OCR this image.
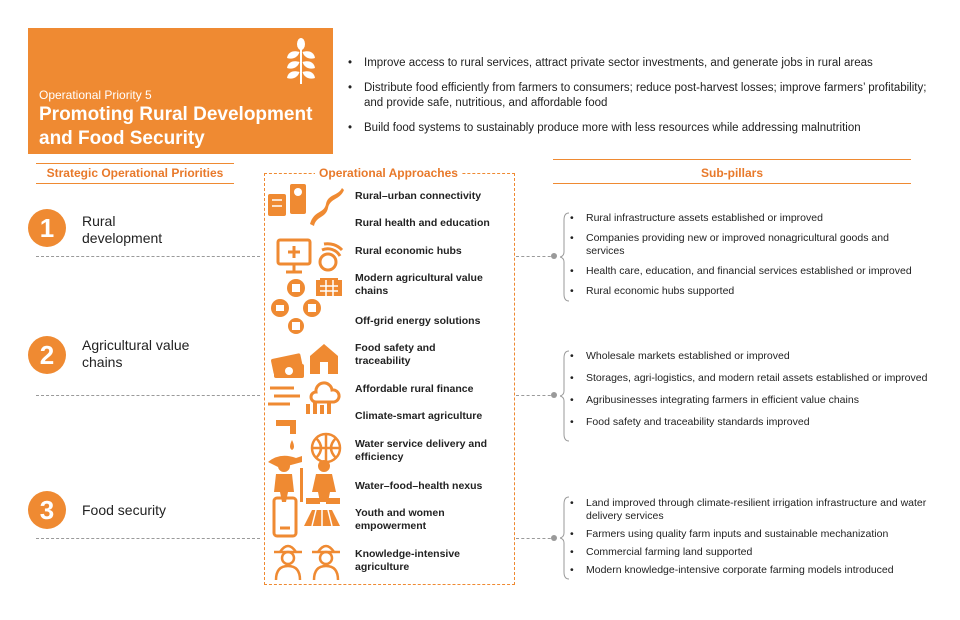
Operational Priority 5
Promoting Rural Development and Food Security
• Improve access to rural services, attract private sector investments, and generate jobs in rural areas
• Distribute food efficiently from farmers to consumers; reduce post-harvest losses; improve farmers’ profitability; and provide safe, nutritious, and affordable food
• Build food systems to sustainably produce more with less resources while addressing malnutrition
Strategic Operational Priorities	Operational Approaches	Sub-pillars
1	Rural development
2	Agricultural value chains
3	Food security
Rural–urban connectivity
Rural health and education
Rural economic hubs
Modern agricultural value chains
Off-grid energy solutions
Food safety and traceability
Affordable rural finance
Climate-smart agriculture
Water service delivery and efficiency
Water–food–health nexus
Youth and women empowerment
Knowledge-intensive agriculture
• Rural infrastructure assets established or improved
• Companies providing new or improved nonagricultural goods and services
• Health care, education, and financial services established or improved
• Rural economic hubs supported
• Wholesale markets established or improved
• Storages, agri-logistics, and modern retail assets established or improved
• Agribusinesses integrating farmers in efficient value chains
• Food safety and traceability standards improved
• Land improved through climate-resilient irrigation infrastructure and water delivery services
• Farmers using quality farm inputs and sustainable mechanization
• Commercial farming land supported
• Modern knowledge-intensive corporate farming models introduced
